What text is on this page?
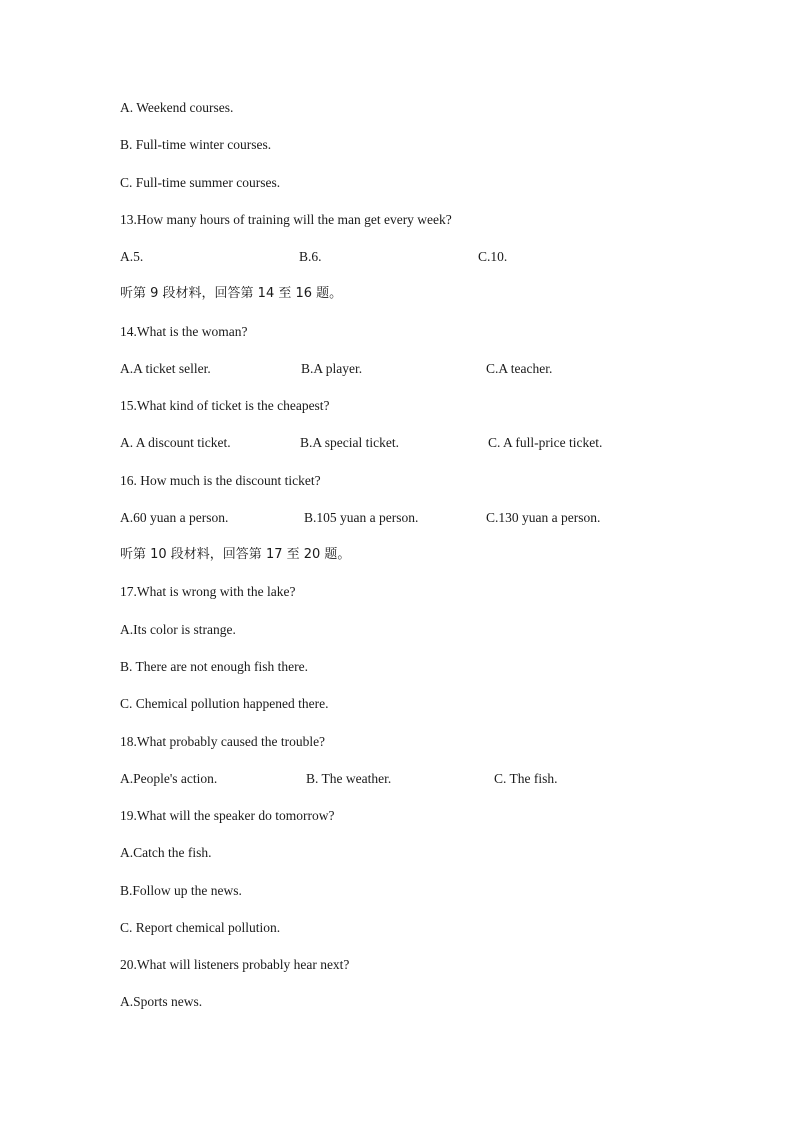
A. Weekend courses.
B. Full-time winter courses.
C. Full-time summer courses.
13.How many hours of training will the man get every week?
A.5.	B.6.	C.10.
听第 9 段材料，回答第 14 至 16 题。
14.What is the woman?
A.A ticket seller.	B.A player.	C.A teacher.
15.What kind of ticket is the cheapest?
A. A discount ticket.	B.A special ticket.	C. A full-price ticket.
16. How much is the discount ticket?
A.60 yuan a person.	B.105 yuan a person.	C.130 yuan a person.
听第 10 段材料，回答第 17 至 20 题。
17.What is wrong with the lake?
A.Its color is strange.
B. There are not enough fish there.
C. Chemical pollution happened there.
18.What probably caused the trouble?
A.People's action.	B. The weather.	C. The fish.
19.What will the speaker do tomorrow?
A.Catch the fish.
B.Follow up the news.
C. Report chemical pollution.
20.What will listeners probably hear next?
A.Sports news.
